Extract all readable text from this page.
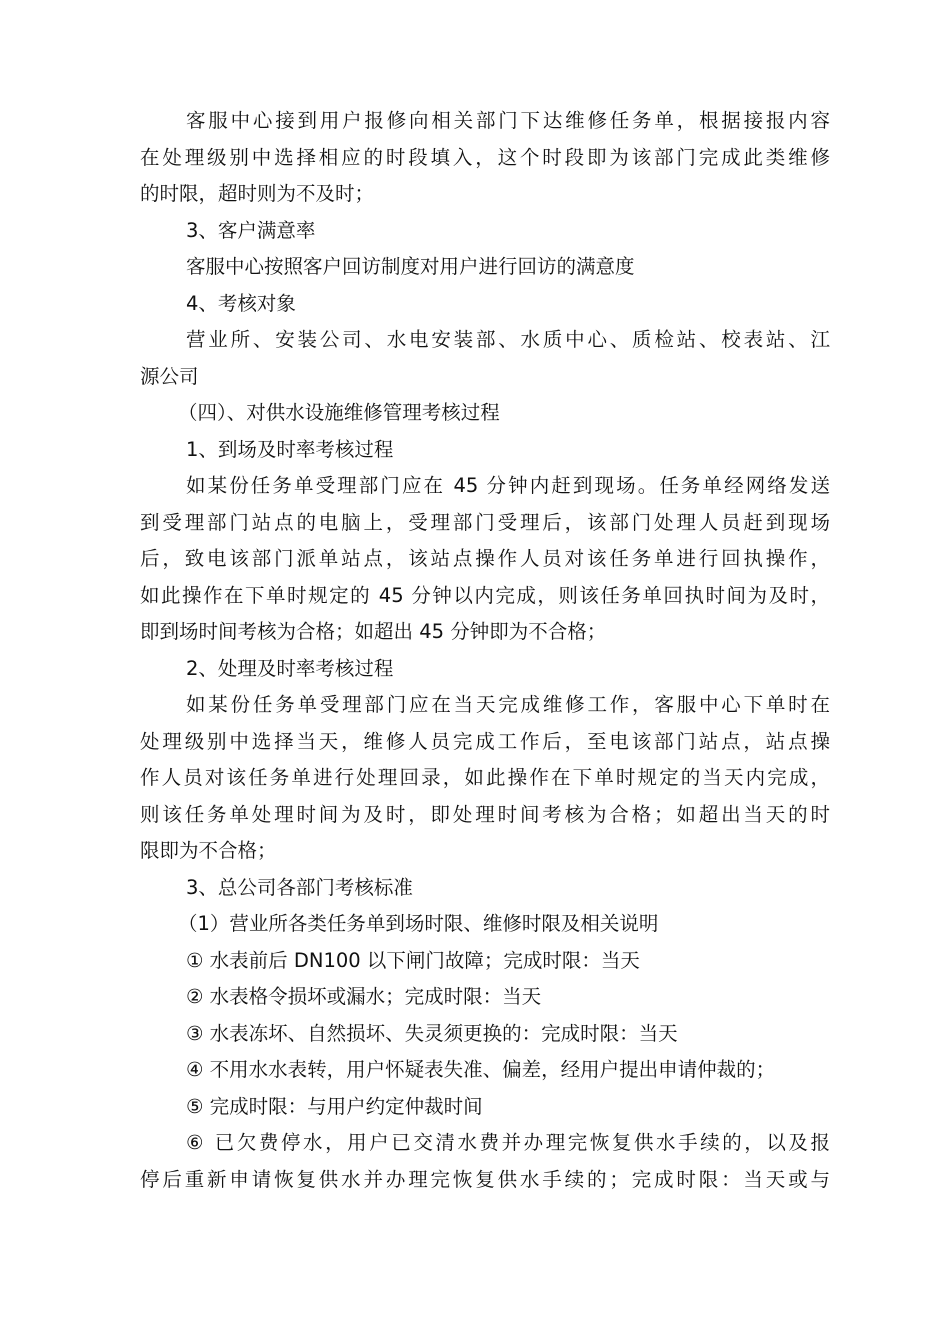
客服中心接到用户报修向相关部门下达维修任务单，根据接报内容

在处理级别中选择相应的时段填入，这个时段即为该部门完成此类维修

的时限，超时则为不及时；

3、客户满意率

客服中心按照客户回访制度对用户进行回访的满意度

4、考核对象

营业所、安装公司、水电安装部、水质中心、质检站、校表站、江

源公司

（四）、对供水设施维修管理考核过程

1、到场及时率考核过程

如某份任务单受理部门应在 45 分钟内赶到现场。任务单经网络发送

到受理部门站点的电脑上，受理部门受理后，该部门处理人员赶到现场

后，致电该部门派单站点，该站点操作人员对该任务单进行回执操作，

如此操作在下单时规定的 45 分钟以内完成，则该任务单回执时间为及时，

即到场时间考核为合格；如超出 45 分钟即为不合格；

2、处理及时率考核过程

如某份任务单受理部门应在当天完成维修工作，客服中心下单时在

处理级别中选择当天，维修人员完成工作后，至电该部门站点，站点操

作人员对该任务单进行处理回录，如此操作在下单时规定的当天内完成，

则该任务单处理时间为及时，即处理时间考核为合格；如超出当天的时

限即为不合格；

3、总公司各部门考核标准

（1）营业所各类任务单到场时限、维修时限及相关说明

① 水表前后 DN100 以下闸门故障；完成时限：当天

② 水表格令损坏或漏水；完成时限：当天

③ 水表冻坏、自然损坏、失灵须更换的：完成时限：当天

④ 不用水水表转，用户怀疑表失准、偏差，经用户提出申请仲裁的；

⑤ 完成时限：与用户约定仲裁时间

⑥ 已欠费停水，用户已交清水费并办理完恢复供水手续的，以及报

停后重新申请恢复供水并办理完恢复供水手续的；完成时限：当天或与
